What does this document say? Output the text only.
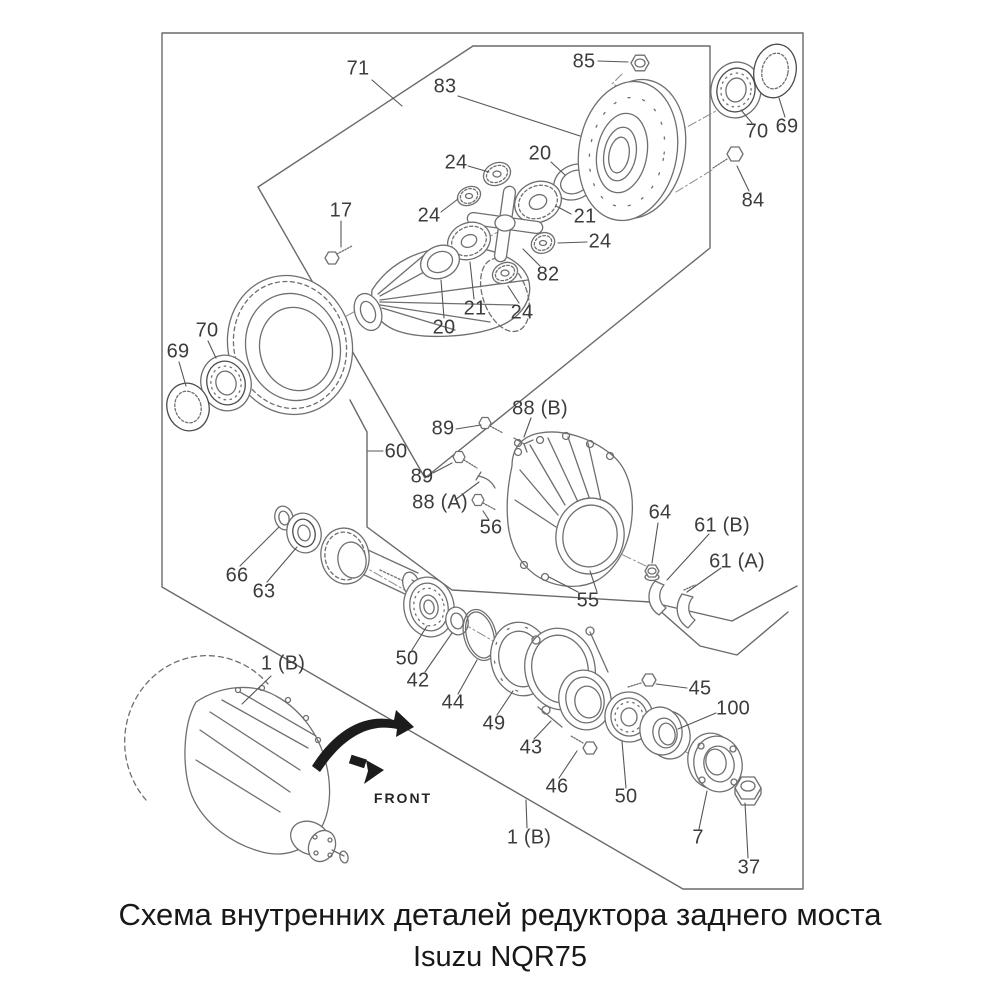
71
83
85
17
24	20
21
24
24
82
24
21
20
70 69
84
69
70
60
89
88 (B)
89
88 (A)
56
55
64
61 (B)
61 (A)
66
63
50
42
44
49
43
46 50
45
100
7
37
1 (B)
1 (B)
FRONT
Схема внутренних деталей редуктора заднего моста
Isuzu NQR75
